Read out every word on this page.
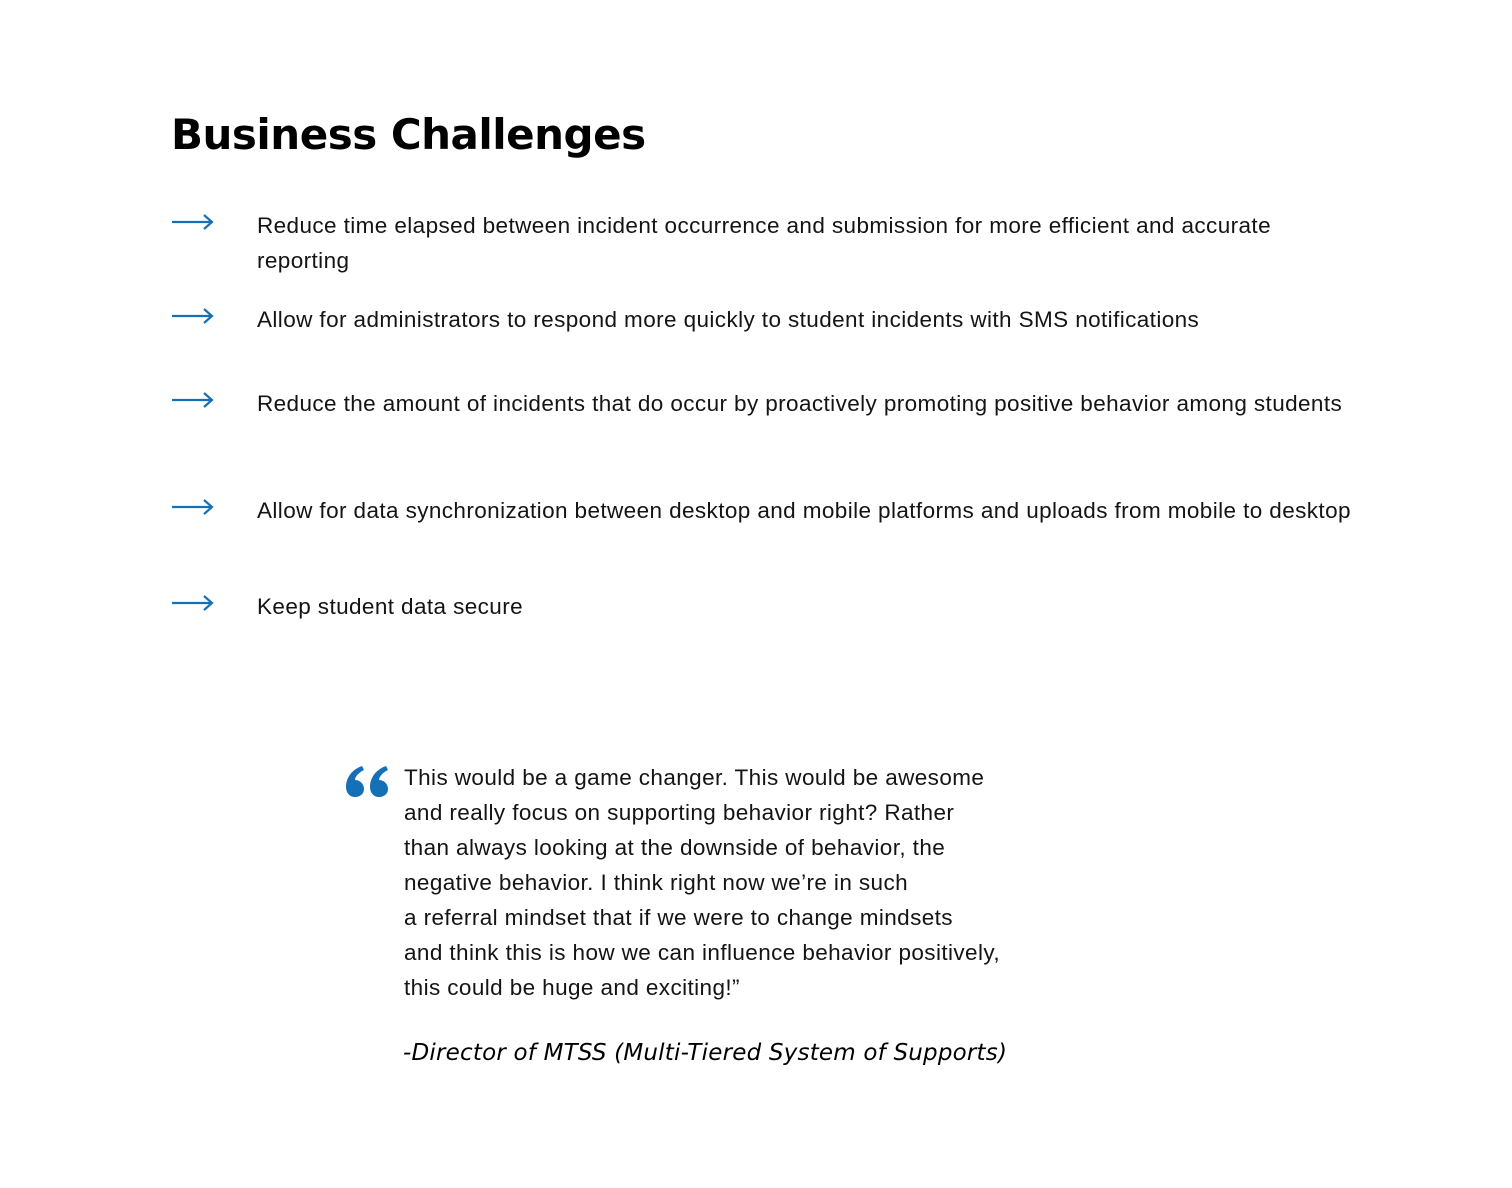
Business Challenges
Reduce time elapsed between incident occurrence and submission for more efficient and accurate reporting
Allow for administrators to respond more quickly to student incidents with SMS notifications
Reduce the amount of incidents that do occur by proactively promoting positive behavior among students
Allow for data synchronization between desktop and mobile platforms and uploads from mobile to desktop
Keep student data secure
This would be a game changer. This would be awesome
and really focus on supporting behavior right? Rather
than always looking at the downside of behavior, the
negative behavior. I think right now we’re in such
a referral mindset that if we were to change mindsets
and think this is how we can influence behavior positively,
this could be huge and exciting!”
-Director of MTSS (Multi-Tiered System of Supports)
